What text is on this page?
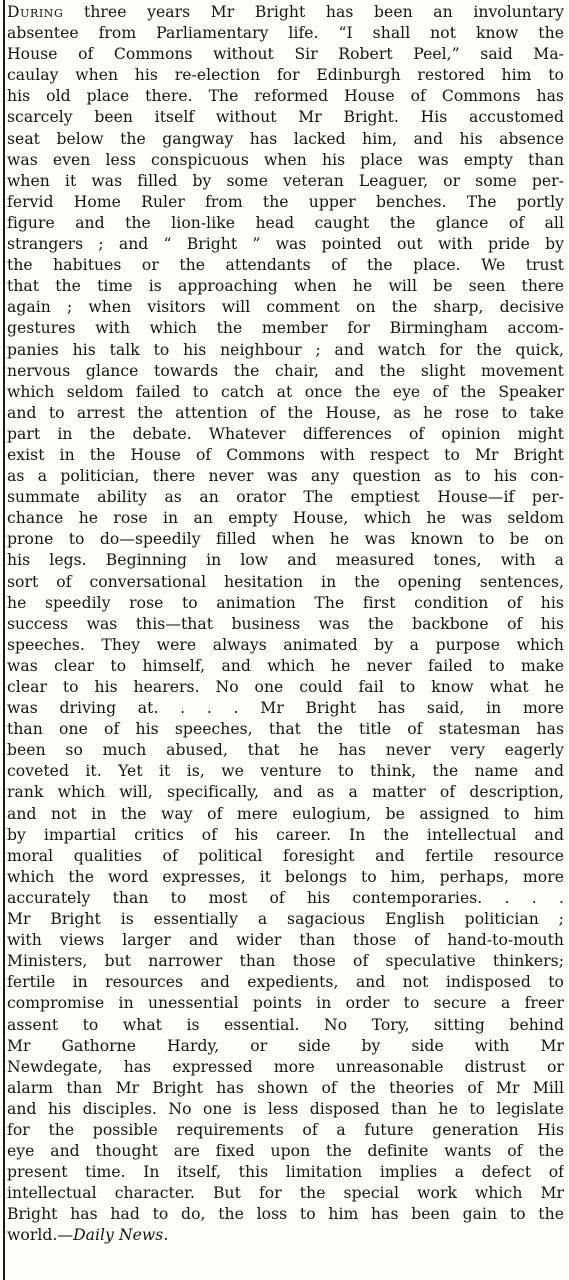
During three years Mr Bright has been an involuntary
absentee from Parliamentary life. “I shall not know the
House of Commons without Sir Robert Peel,” said Ma-
caulay when his re-election for Edinburgh restored him to
his old place there. The reformed House of Commons has
scarcely been itself without Mr Bright. His accustomed
seat below the gangway has lacked him, and his absence
was even less conspicuous when his place was empty than
when it was filled by some veteran Leaguer, or some per-
fervid Home Ruler from the upper benches. The portly
figure and the lion-like head caught the glance of all
strangers ; and “ Bright ” was pointed out with pride by
the habitues or the attendants of the place. We trust
that the time is approaching when he will be seen there
again ; when visitors will comment on the sharp, decisive
gestures with which the member for Birmingham accom-
panies his talk to his neighbour ; and watch for the quick,
nervous glance towards the chair, and the slight movement
which seldom failed to catch at once the eye of the Speaker
and to arrest the attention of the House, as he rose to take
part in the debate. Whatever differences of opinion might
exist in the House of Commons with respect to Mr Bright
as a politician, there never was any question as to his con-
summate ability as an orator The emptiest House—if per-
chance he rose in an empty House, which he was seldom
prone to do—speedily filled when he was known to be on
his legs. Beginning in low and measured tones, with a
sort of conversational hesitation in the opening sentences,
he speedily rose to animation The first condition of his
success was this—that business was the backbone of his
speeches. They were always animated by a purpose which
was clear to himself, and which he never failed to make
clear to his hearers. No one could fail to know what he
was driving at. . . . Mr Bright has said, in more
than one of his speeches, that the title of statesman has
been so much abused, that he has never very eagerly
coveted it. Yet it is, we venture to think, the name and
rank which will, specifically, and as a matter of description,
and not in the way of mere eulogium, be assigned to him
by impartial critics of his career. In the intellectual and
moral qualities of political foresight and fertile resource
which the word expresses, it belongs to him, perhaps, more
accurately than to most of his contemporaries. . . .
Mr Bright is essentially a sagacious English politician ;
with views larger and wider than those of hand-to-mouth
Ministers, but narrower than those of speculative thinkers;
fertile in resources and expedients, and not indisposed to
compromise in unessential points in order to secure a freer
assent to what is essential. No Tory, sitting behind
Mr Gathorne Hardy, or side by side with Mr
Newdegate, has expressed more unreasonable distrust or
alarm than Mr Bright has shown of the theories of Mr Mill
and his disciples. No one is less disposed than he to legislate
for the possible requirements of a future generation His
eye and thought are fixed upon the definite wants of the
present time. In itself, this limitation implies a defect of
intellectual character. But for the special work which Mr
Bright has had to do, the loss to him has been gain to the
world.—Daily News.
